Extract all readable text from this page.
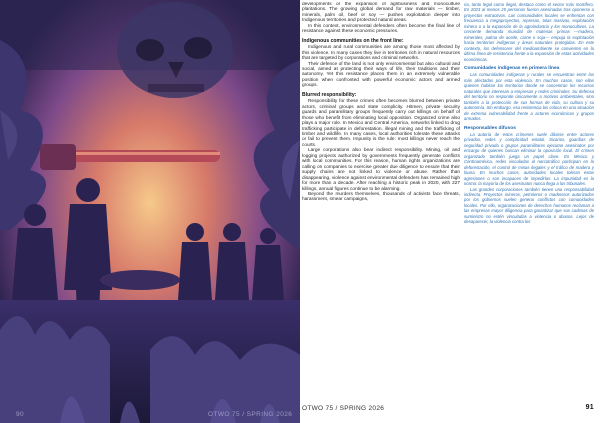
90	OTWO 75 / SPRING 2026

developments or the expansion of agribusiness and monoculture plantations. The growing global demand for raw materials — timber, minerals, palm oil, beef or soy — pushes exploitation deeper into Indigenous territories and protected natural areas.

In this context, environmental defenders often become the final line of resistance against these economic pressures.

Indigenous communities on the front line:

Indigenous and rural communities are among those most affected by this violence. In many cases they live in territories rich in natural resources that are targeted by corporations and criminal networks.

Their defence of the land is not only environmental but also cultural and social, aimed at protecting their ways of life, their traditions and their autonomy. Yet this resistance places them in an extremely vulnerable position when confronted with powerful economic actors and armed groups.

Blurred responsibility:

Responsibility for these crimes often becomes blurred between private actors, criminal groups and state complicity. Hitmen, private security guards and paramilitary groups frequently carry out killings on behalf of those who benefit from eliminating local opposition. Organized crime also plays a major role. In Mexico and Central America, networks linked to drug trafficking participate in deforestation, illegal mining and the trafficking of timber and wildlife. In many cases, local authorities tolerate these attacks or fail to prevent them. Impunity is the rule: most killings never reach the courts.

Large corporations also bear indirect responsibility. Mining, oil and logging projects authorized by governments frequently generate conflicts with local communities. For this reason, human rights organizations are calling on companies to exercise greater due diligence to ensure that their supply chains are not linked to violence or abuse. Rather than disappearing, violence against environmental defenders has remained high for more than a decade. After reaching a historic peak in 2020, with 227 killings, annual figures continue to be alarming.

Beyond the murders themselves, thousands of activists face threats, harassment, smear campaigns,

ria, tanto legal como ilegal, destaca como el sector más mortífero. En 2023 al menos 25 personas fueron asesinadas tras oponerse a proyectos extractivos. Las comunidades locales se enfrentan con frecuencia a megaproyectos, represas, talas masivas, explotación minera o a la expansión de la agroindustria y los monocultivos. La creciente demanda mundial de materias primas —madera, minerales, palma de aceite, carne o soja— empuja la explotación hacia territorios indígenas y áreas naturales protegidas. En este contexto, los defensores del medioambiente se convierten en la última línea de resistencia frente a la expansión de estas actividades económicas.

Comunidades indígenas en primera línea

Las comunidades indígenas y rurales se encuentran entre las más afectadas por esta violencia. En muchos casos, son ellas quienes habitan los territorios donde se concentran los recursos naturales que interesan a empresas y redes criminales. Su defensa del territorio no responde únicamente a motivos ambientales, sino también a la protección de sus formas de vida, su cultura y su autonomía. Sin embargo, esa resistencia las coloca en una situación de extrema vulnerabilidad frente a actores económicos y grupos armados.

Responsables difusos

La autoría de estos crímenes suele diluirse entre actores privados, redes y complicidad estatal. Sicarios, guardias de seguridad privada o grupos paramilitares ejecutan asesinatos por encargo de quienes buscan eliminar la oposición local. El crimen organizado también juega un papel clave. En México y Centroamérica, redes vinculadas al narcotráfico participan en la deforestación, el control de minas ilegales y el tráfico de madera y fauna. En muchos casos, autoridades locales toleran estas agresiones o son incapaces de impedirlas. La impunidad es la norma: la mayoría de los asesinatos nunca llega a los tribunales.

Las grandes corporaciones también tienen una responsabilidad indirecta. Proyectos mineros, petroleros o madereros autorizados por los gobiernos suelen generar conflictos con comunidades locales. Por ello, organizaciones de derechos humanos reclaman a las empresas mayor diligencia para garantizar que sus cadenas de suministro no estén vinculadas a violencia o abusos. Lejos de desaparecer, la violencia contra los

OTWO 75 / SPRING 2026	91
